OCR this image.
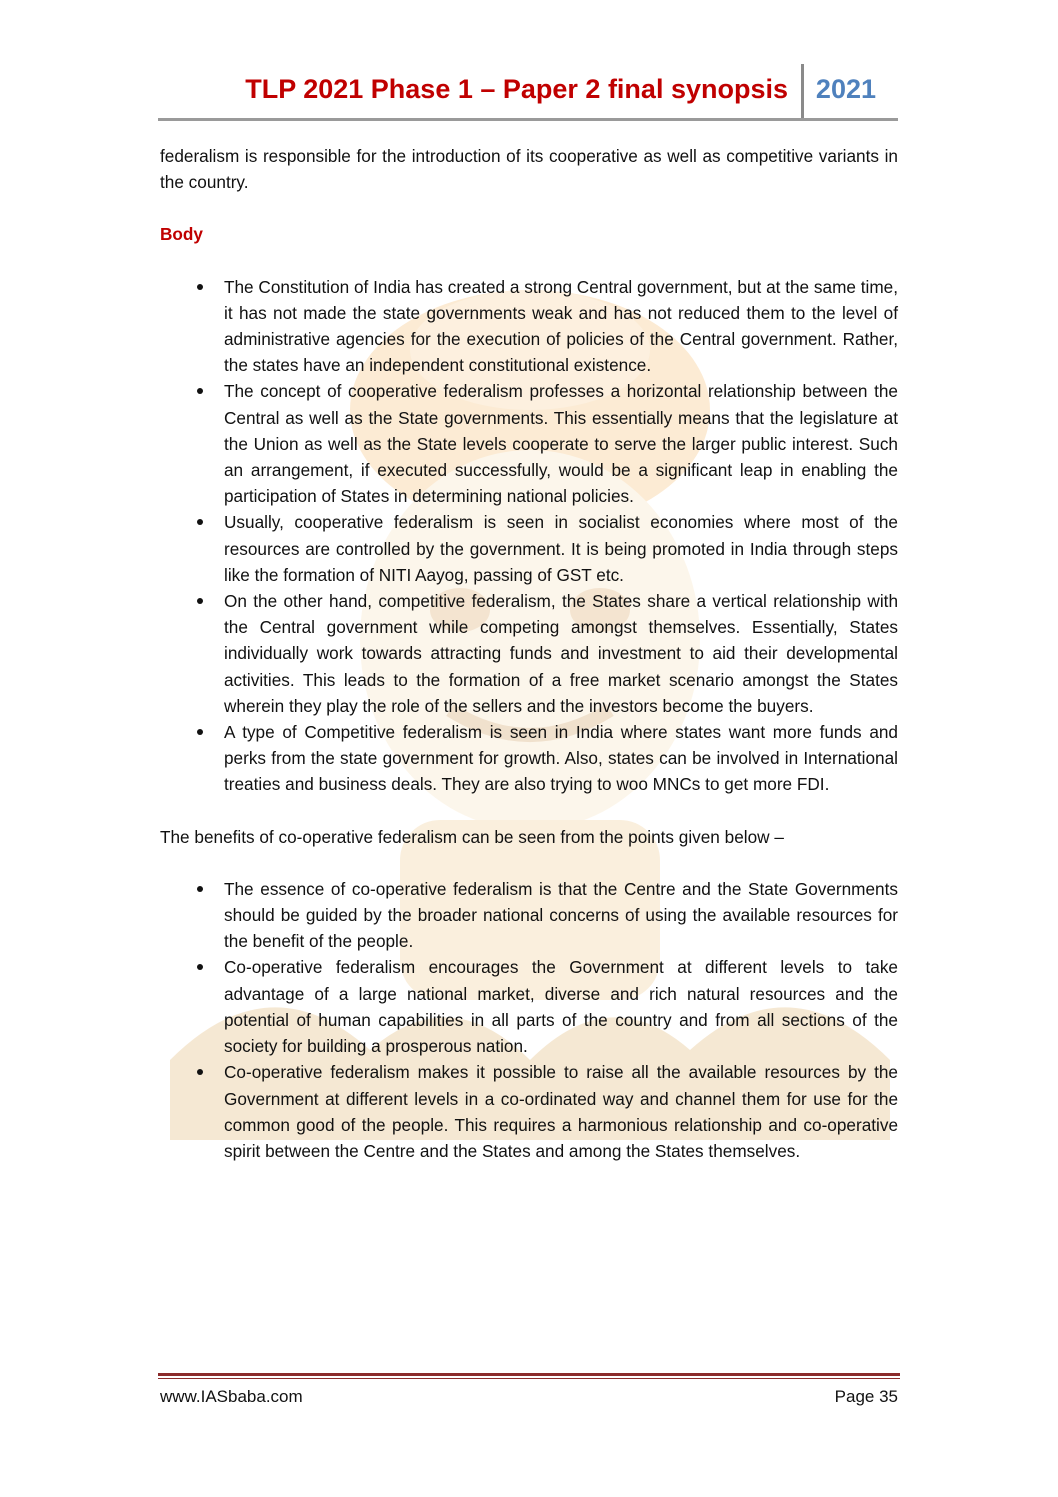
TLP 2021 Phase 1 – Paper 2 final synopsis 2021

federalism is responsible for the introduction of its cooperative as well as competitive variants in the country.

Body
The Constitution of India has created a strong Central government, but at the same time, it has not made the state governments weak and has not reduced them to the level of administrative agencies for the execution of policies of the Central government. Rather, the states have an independent constitutional existence.
The concept of cooperative federalism professes a horizontal relationship between the Central as well as the State governments. This essentially means that the legislature at the Union as well as the State levels cooperate to serve the larger public interest. Such an arrangement, if executed successfully, would be a significant leap in enabling the participation of States in determining national policies.
Usually, cooperative federalism is seen in socialist economies where most of the resources are controlled by the government. It is being promoted in India through steps like the formation of NITI Aayog, passing of GST etc.
On the other hand, competitive federalism, the States share a vertical relationship with the Central government while competing amongst themselves. Essentially, States individually work towards attracting funds and investment to aid their developmental activities. This leads to the formation of a free market scenario amongst the States wherein they play the role of the sellers and the investors become the buyers.
A type of Competitive federalism is seen in India where states want more funds and perks from the state government for growth. Also, states can be involved in International treaties and business deals. They are also trying to woo MNCs to get more FDI.

The benefits of co-operative federalism can be seen from the points given below –

The essence of co-operative federalism is that the Centre and the State Governments should be guided by the broader national concerns of using the available resources for the benefit of the people.
Co-operative federalism encourages the Government at different levels to take advantage of a large national market, diverse and rich natural resources and the potential of human capabilities in all parts of the country and from all sections of the society for building a prosperous nation.
Co-operative federalism makes it possible to raise all the available resources by the Government at different levels in a co-ordinated way and channel them for use for the common good of the people. This requires a harmonious relationship and co-operative spirit between the Centre and the States and among the States themselves.
www.IASbaba.com	Page 35
